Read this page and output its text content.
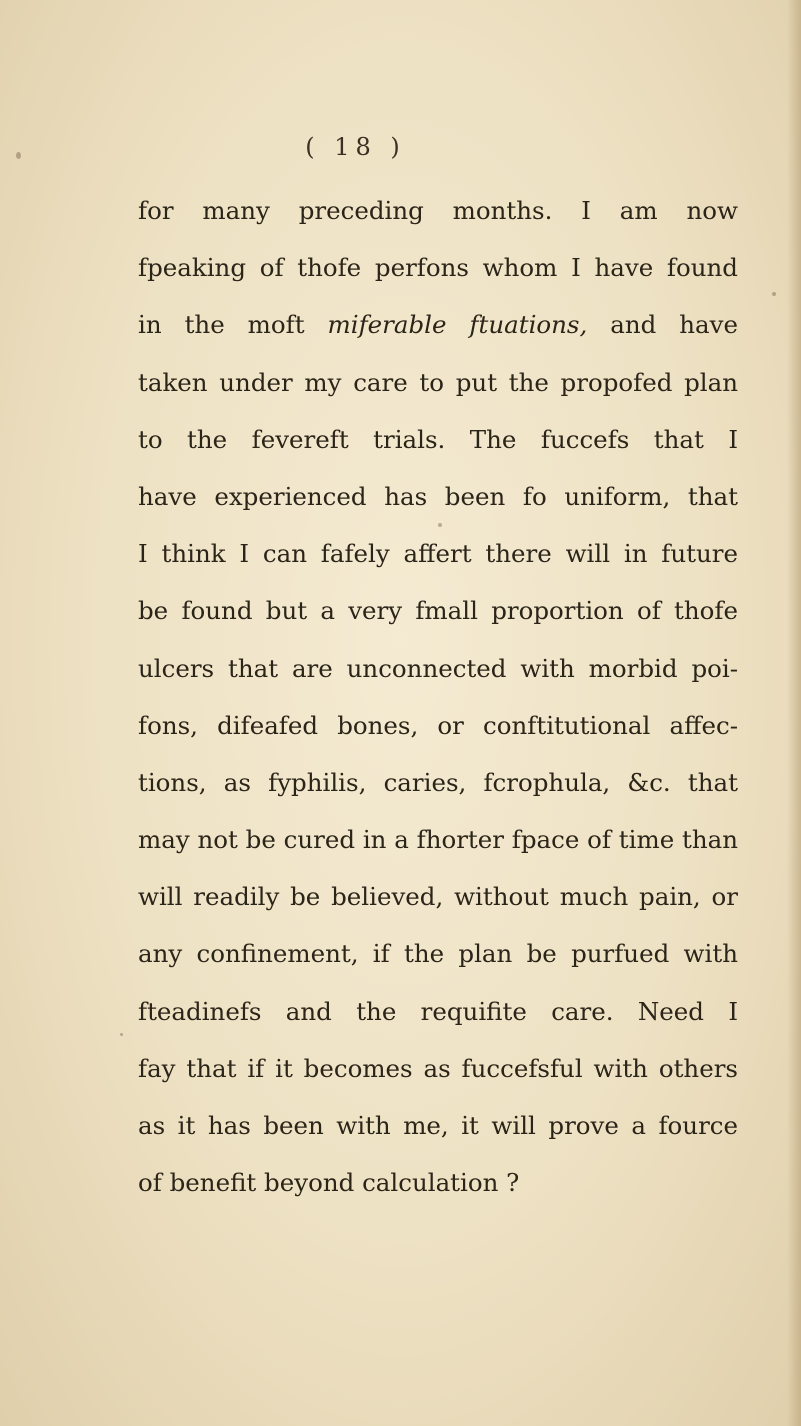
( 18 )
for many preceding months. I am now
fpeaking of thofe perfons whom I have found
in the moft miferable ftuations, and have
taken under my care to put the propofed plan
to the fevereft trials. The fuccefs that I
have experienced has been fo uniform, that
I think I can fafely affert there will in future
be found but a very fmall proportion of thofe
ulcers that are unconnected with morbid poi-
fons, difeafed bones, or conftitutional affec-
tions, as fyphilis, caries, fcrophula, &c. that
may not be cured in a fhorter fpace of time than
will readily be believed, without much pain, or
any confinement, if the plan be purfued with
fteadinefs and the requifite care. Need I
fay that if it becomes as fuccefsful with others
as it has been with me, it will prove a fource
of benefit beyond calculation ?
